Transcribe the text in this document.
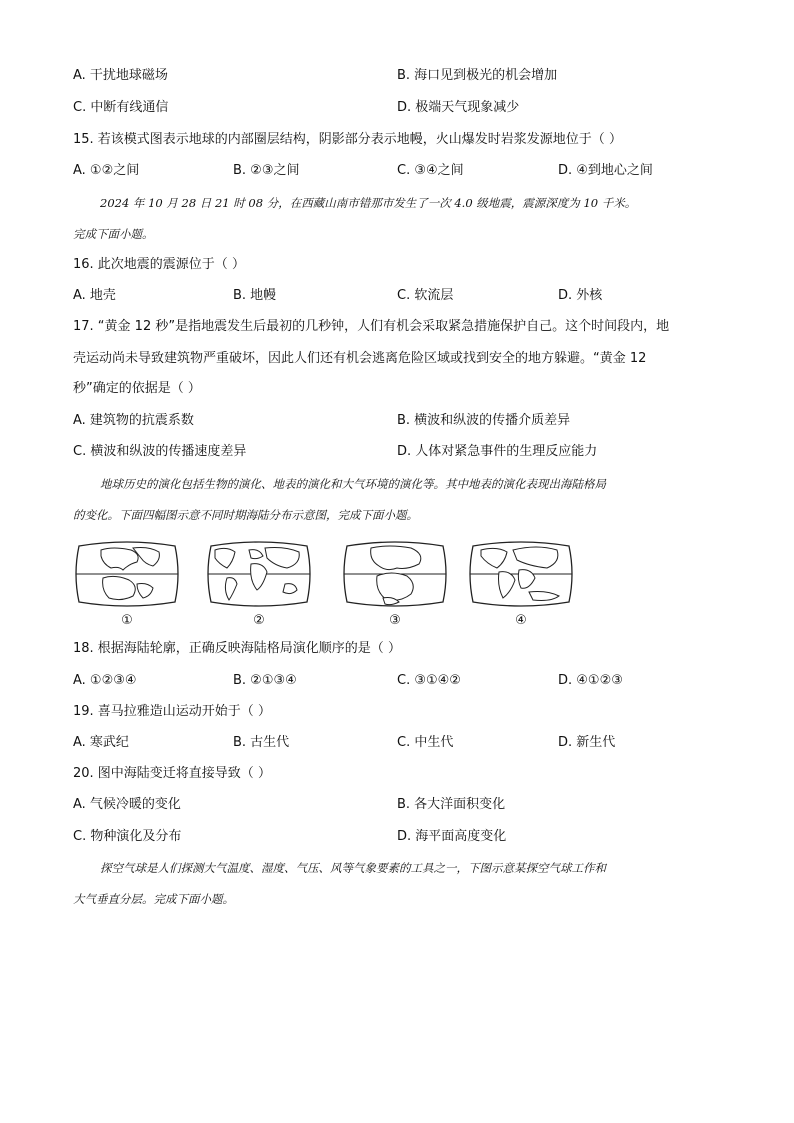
A. 干扰地球磁场	B. 海口见到极光的机会增加
C. 中断有线通信	D. 极端天气现象减少
15. 若该模式图表示地球的内部圈层结构，阴影部分表示地幔，火山爆发时岩浆发源地位于（ ）
A. ①②之间	B. ②③之间	C. ③④之间	D. ④到地心之间
2024 年 10 月 28 日 21 时 08 分，在西藏山南市错那市发生了一次 4.0 级地震，震源深度为 10 千米。
完成下面小题。
16. 此次地震的震源位于（ ）
A. 地壳	B. 地幔	C. 软流层	D. 外核
17. “黄金 12 秒”是指地震发生后最初的几秒钟，人们有机会采取紧急措施保护自己。这个时间段内，地
壳运动尚未导致建筑物严重破坏，因此人们还有机会逃离危险区域或找到安全的地方躲避。“黄金 12
秒”确定的依据是（ ）
A. 建筑物的抗震系数	B. 横波和纵波的传播介质差异
C. 横波和纵波的传播速度差异	D. 人体对紧急事件的生理反应能力
地球历史的演化包括生物的演化、地表的演化和大气环境的演化等。其中地表的演化表现出海陆格局
的变化。下面四幅图示意不同时期海陆分布示意图，完成下面小题。
①	②	③	④
18. 根据海陆轮廓，正确反映海陆格局演化顺序的是（ ）
A. ①②③④	B. ②①③④	C. ③①④②	D. ④①②③
19. 喜马拉雅造山运动开始于（ ）
A. 寒武纪	B. 古生代	C. 中生代	D. 新生代
20. 图中海陆变迁将直接导致（ ）
A. 气候冷暖的变化	B. 各大洋面积变化
C. 物种演化及分布	D. 海平面高度变化
探空气球是人们探测大气温度、湿度、气压、风等气象要素的工具之一，下图示意某探空气球工作和
大气垂直分层。完成下面小题。
